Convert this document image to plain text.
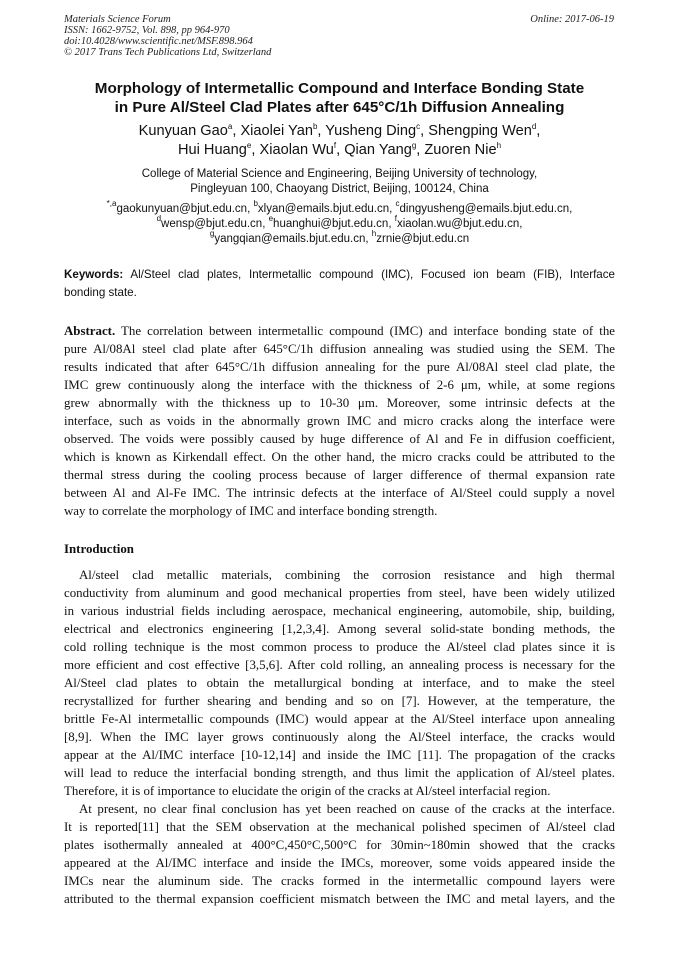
Materials Science Forum
ISSN: 1662-9752, Vol. 898, pp 964-970
doi:10.4028/www.scientific.net/MSF.898.964
© 2017 Trans Tech Publications Ltd, Switzerland
Online: 2017-06-19
Morphology of Intermetallic Compound and Interface Bonding State
in Pure Al/Steel Clad Plates after 645°C/1h Diffusion Annealing
Kunyuan Gao$^a$, Xiaolei Yan$^b$, Yusheng Ding$^c$, Shengping Wen$^d$,
Hui Huang$^e$, Xiaolan Wu$^f$, Qian Yang$^g$, Zuoren Nie$^h$
College of Material Science and Engineering, Beijing University of technology,
Pingleyuan 100, Chaoyang District, Beijing, 100124, China
$^{*,a}$gaokunyuan@bjut.edu.cn, $^b$xlyan@emails.bjut.edu.cn, $^c$dingyusheng@emails.bjut.edu.cn,
$^d$wensp@bjut.edu.cn, $^e$huanghui@bjut.edu.cn, $^f$xiaolan.wu@bjut.edu.cn,
$^g$yangqian@emails.bjut.edu.cn, $^h$zrnie@bjut.edu.cn
Keywords: Al/Steel clad plates, Intermetallic compound (IMC), Focused ion beam (FIB), Interface
bonding state.
Abstract. The correlation between intermetallic compound (IMC) and interface bonding state of the
pure Al/08Al steel clad plate after 645°C/1h diffusion annealing was studied using the SEM. The
results indicated that after 645°C/1h diffusion annealing for the pure Al/08Al steel clad plate, the
IMC grew continuously along the interface with the thickness of 2-6 μm, while, at some regions
grew abnormally with the thickness up to 10-30 μm. Moreover, some intrinsic defects at the
interface, such as voids in the abnormally grown IMC and micro cracks along the interface were
observed. The voids were possibly caused by huge difference of Al and Fe in diffusion coefficient,
which is known as Kirkendall effect. On the other hand, the micro cracks could be attributed to the
thermal stress during the cooling process because of larger difference of thermal expansion rate
between Al and Al-Fe IMC. The intrinsic defects at the interface of Al/Steel could supply a novel
way to correlate the morphology of IMC and interface bonding strength.
Introduction
Al/steel clad metallic materials, combining the corrosion resistance and high thermal
conductivity from aluminum and good mechanical properties from steel, have been widely utilized
in various industrial fields including aerospace, mechanical engineering, automobile, ship, building,
electrical and electronics engineering [1,2,3,4]. Among several solid-state bonding methods, the
cold rolling technique is the most common process to produce the Al/steel clad plates since it is
more efficient and cost effective [3,5,6]. After cold rolling, an annealing process is necessary for the
Al/Steel clad plates to obtain the metallurgical bonding at interface, and to make the steel
recrystallized for further shearing and bending and so on [7]. However, at the temperature, the
brittle Fe-Al intermetallic compounds (IMC) would appear at the Al/Steel interface upon annealing
[8,9]. When the IMC layer grows continuously along the Al/Steel interface, the cracks would
appear at the Al/IMC interface [10-12,14] and inside the IMC [11]. The propagation of the cracks
will lead to reduce the interfacial bonding strength, and thus limit the application of Al/steel plates.
Therefore, it is of importance to elucidate the origin of the cracks at Al/steel interfacial region.
At present, no clear final conclusion has yet been reached on cause of the cracks at the interface.
It is reported[11] that the SEM observation at the mechanical polished specimen of Al/steel clad
plates isothermally annealed at 400°C,450°C,500°C for 30min~180min showed that the cracks
appeared at the Al/IMC interface and inside the IMCs, moreover, some voids appeared inside the
IMCs near the aluminum side. The cracks formed in the intermetallic compound layers were
attributed to the thermal expansion coefficient mismatch between the IMC and metal layers, and the
